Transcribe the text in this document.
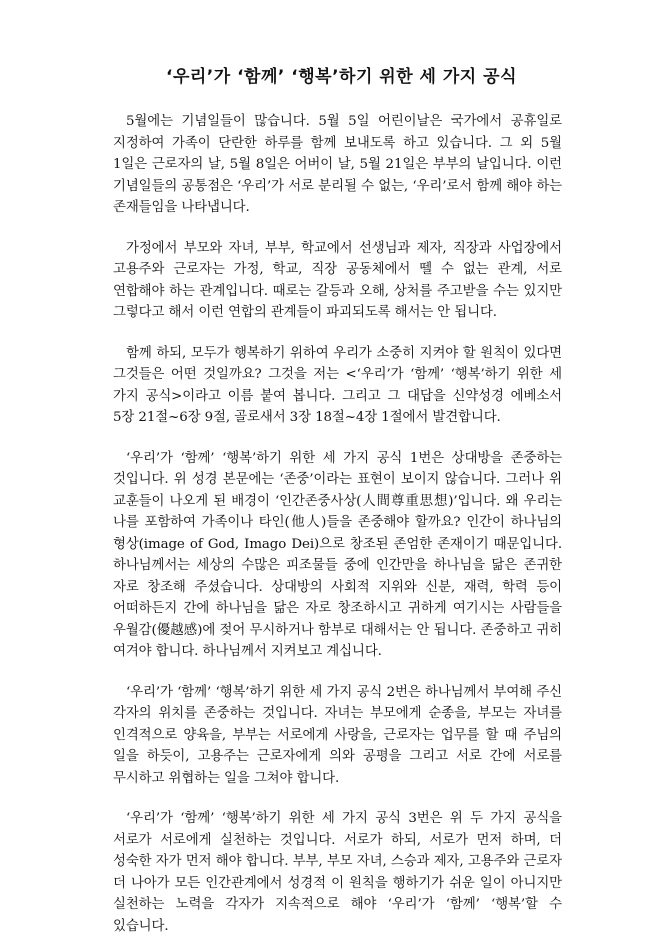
‘우리’가 ‘함께’ ‘행복’하기 위한 세 가지 공식

5월에는 기념일들이 많습니다. 5월 5일 어린이날은 국가에서 공휴일로 지정하여 가족이 단란한 하루를 함께 보내도록 하고 있습니다. 그 외 5월 1일은 근로자의 날, 5월 8일은 어버이 날, 5월 21일은 부부의 날입니다. 이런 기념일들의 공통점은 ‘우리’가 서로 분리될 수 없는, ‘우리’로서 함께 해야 하는 존재들임을 나타냅니다.

가정에서 부모와 자녀, 부부, 학교에서 선생님과 제자, 직장과 사업장에서 고용주와 근로자는 가정, 학교, 직장 공동체에서 뗄 수 없는 관계, 서로 연합해야 하는 관계입니다. 때로는 갈등과 오해, 상처를 주고받을 수는 있지만 그렇다고 해서 이런 연합의 관계들이 파괴되도록 해서는 안 됩니다.

함께 하되, 모두가 행복하기 위하여 우리가 소중히 지켜야 할 원칙이 있다면 그것들은 어떤 것일까요? 그것을 저는 <‘우리’가 ‘함께’ ‘행복’하기 위한 세 가지 공식>이라고 이름 붙여 봅니다. 그리고 그 대답을 신약성경 에베소서 5장 21절~6장 9절, 골로새서 3장 18절~4장 1절에서 발견합니다.

‘우리’가 ‘함께’ ‘행복’하기 위한 세 가지 공식 1번은 상대방을 존중하는 것입니다. 위 성경 본문에는 ‘존중’이라는 표현이 보이지 않습니다. 그러나 위 교훈들이 나오게 된 배경이 ‘인간존중사상(人間尊重思想)’입니다. 왜 우리는 나를 포함하여 가족이나 타인(他人)들을 존중해야 할까요? 인간이 하나님의 형상(image of God, Imago Dei)으로 창조된 존엄한 존재이기 때문입니다. 하나님께서는 세상의 수많은 피조물들 중에 인간만을 하나님을 닮은 존귀한 자로 창조해 주셨습니다. 상대방의 사회적 지위와 신분, 재력, 학력 등이 어떠하든지 간에 하나님을 닮은 자로 창조하시고 귀하게 여기시는 사람들을 우월감(優越感)에 젖어 무시하거나 함부로 대해서는 안 됩니다. 존중하고 귀히 여겨야 합니다. 하나님께서 지켜보고 계십니다.

‘우리’가 ‘함께’ ‘행복’하기 위한 세 가지 공식 2번은 하나님께서 부여해 주신 각자의 위치를 존중하는 것입니다. 자녀는 부모에게 순종을, 부모는 자녀를 인격적으로 양육을, 부부는 서로에게 사랑을, 근로자는 업무를 할 때 주님의 일을 하듯이, 고용주는 근로자에게 의와 공평을 그리고 서로 간에 서로를 무시하고 위협하는 일을 그쳐야 합니다.

‘우리’가 ‘함께’ ‘행복’하기 위한 세 가지 공식 3번은 위 두 가지 공식을 서로가 서로에게 실천하는 것입니다. 서로가 하되, 서로가 먼저 하며, 더 성숙한 자가 먼저 해야 합니다. 부부, 부모 자녀, 스승과 제자, 고용주와 근로자 더 나아가 모든 인간관계에서 성경적 이 원칙을 행하기가 쉬운 일이 아니지만 실천하는 노력을 각자가 지속적으로 해야 ‘우리’가 ‘함께’ ‘행복’할 수 있습니다.
